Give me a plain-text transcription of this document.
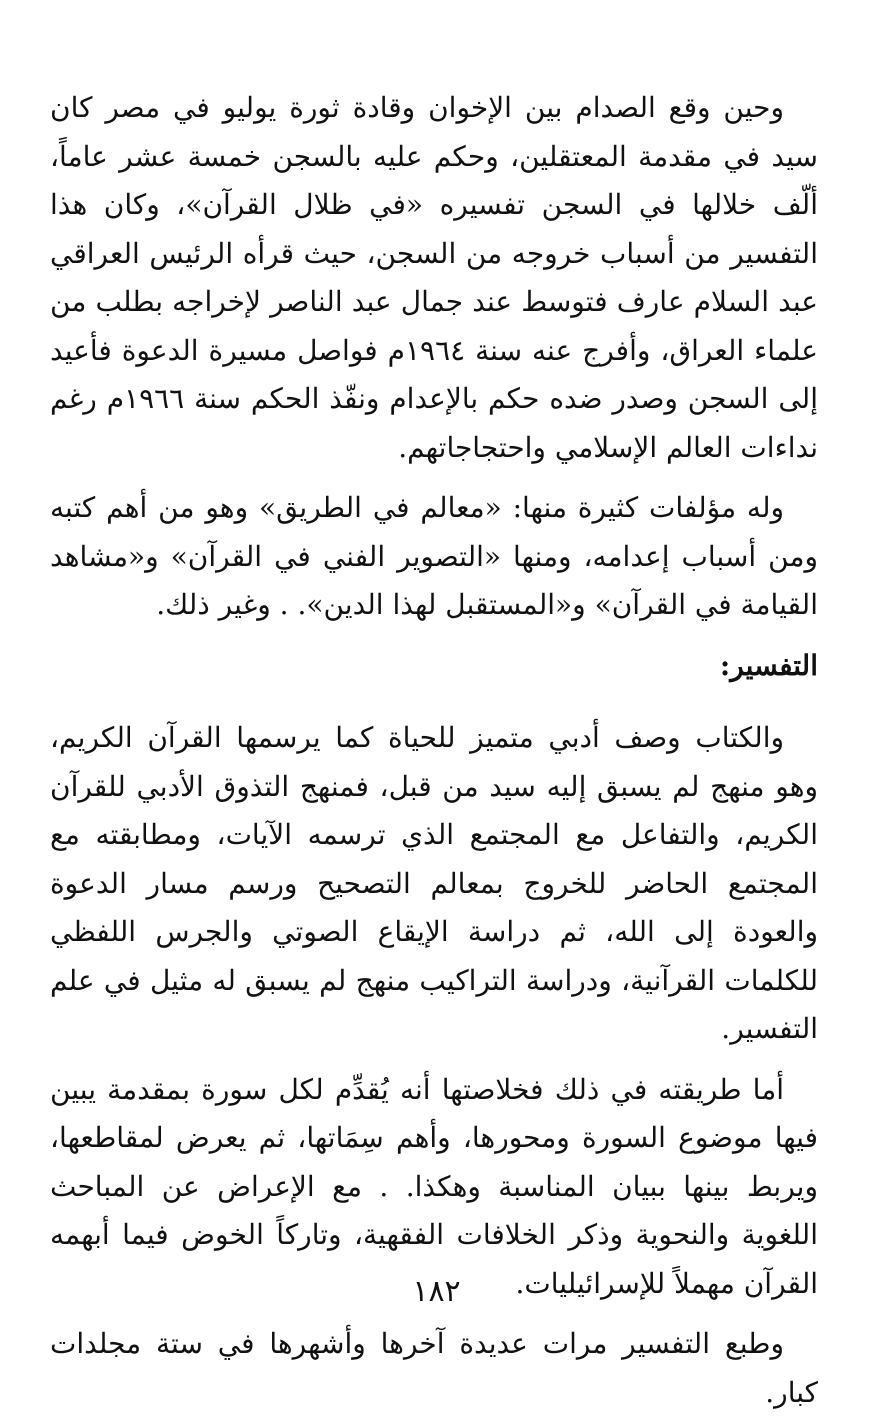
وحين وقع الصدام بين الإخوان وقادة ثورة يوليو في مصر كان سيد في مقدمة المعتقلين، وحكم عليه بالسجن خمسة عشر عاماً، ألّف خلالها في السجن تفسيره «في ظلال القرآن»، وكان هذا التفسير من أسباب خروجه من السجن، حيث قرأه الرئيس العراقي عبد السلام عارف فتوسط عند جمال عبد الناصر لإخراجه بطلب من علماء العراق، وأفرج عنه سنة ١٩٦٤م فواصل مسيرة الدعوة فأعيد إلى السجن وصدر ضده حكم بالإعدام ونفّذ الحكم سنة ١٩٦٦م رغم نداءات العالم الإسلامي واحتجاجاتهم.

وله مؤلفات كثيرة منها: «معالم في الطريق» وهو من أهم كتبه ومن أسباب إعدامه، ومنها «التصوير الفني في القرآن» و«مشاهد القيامة في القرآن» و«المستقبل لهذا الدين». . وغير ذلك.

التفسير:

والكتاب وصف أدبي متميز للحياة كما يرسمها القرآن الكريم، وهو منهج لم يسبق إليه سيد من قبل، فمنهج التذوق الأدبي للقرآن الكريم، والتفاعل مع المجتمع الذي ترسمه الآيات، ومطابقته مع المجتمع الحاضر للخروج بمعالم التصحيح ورسم مسار الدعوة والعودة إلى الله، ثم دراسة الإيقاع الصوتي والجرس اللفظي للكلمات القرآنية، ودراسة التراكيب منهج لم يسبق له مثيل في علم التفسير.

أما طريقته في ذلك فخلاصتها أنه يُقدِّم لكل سورة بمقدمة يبين فيها موضوع السورة ومحورها، وأهم سِمَاتها، ثم يعرض لمقاطعها، ويربط بينها ببيان المناسبة وهكذا. . مع الإعراض عن المباحث اللغوية والنحوية وذكر الخلافات الفقهية، وتاركاً الخوض فيما أبهمه القرآن مهملاً للإسرائيليات.

وطبع التفسير مرات عديدة آخرها وأشهرها في ستة مجلدات كبار.

١٨٢
